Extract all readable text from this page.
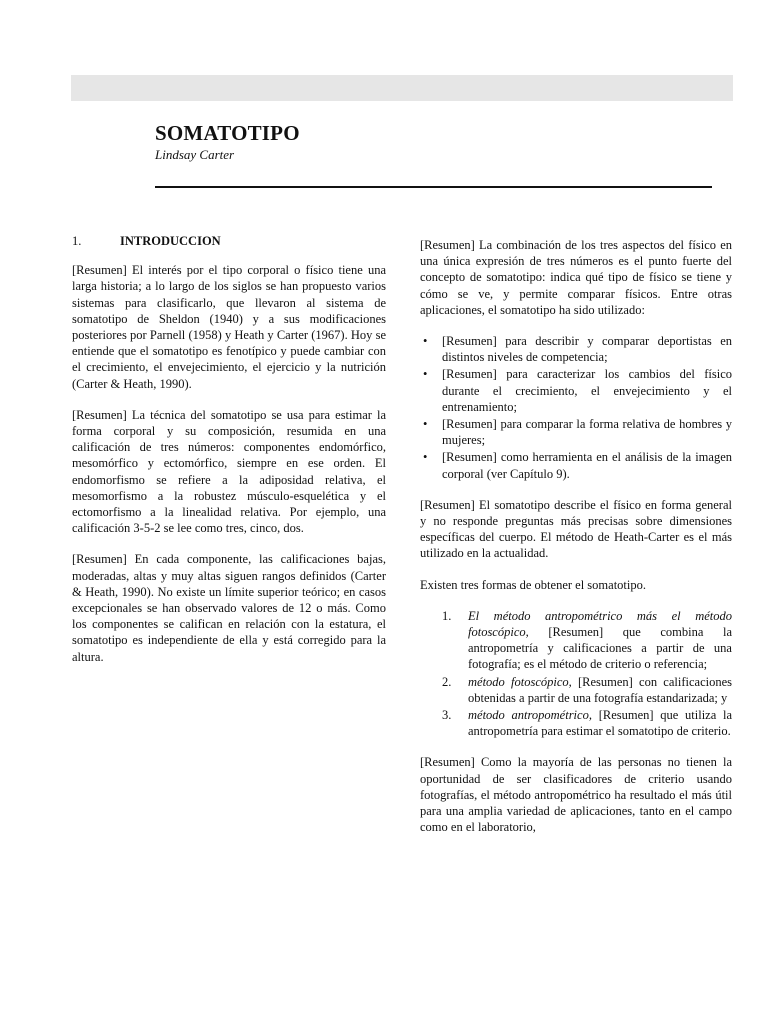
SOMATOTIPO
Lindsay Carter
1.	INTRODUCCION

[Resumen] El interés por el tipo corporal o físico tiene una larga historia; a lo largo de los siglos se han propuesto varios sistemas para clasificarlo, que llevaron al sistema de somatotipo de Sheldon (1940) y a sus modificaciones posteriores por Parnell (1958) y Heath y Carter (1967). Hoy se entiende que el somatotipo es fenotípico y puede cambiar con el crecimiento, el envejecimiento, el ejercicio y la nutrición (Carter & Heath, 1990).

[Resumen] La técnica del somatotipo se usa para estimar la forma corporal y su composición, resumida en una calificación de tres números: componentes endomórfico, mesomórfico y ectomórfico, siempre en ese orden. El endomorfismo se refiere a la adiposidad relativa, el mesomorfismo a la robustez músculo-esquelética y el ectomorfismo a la linealidad relativa. Por ejemplo, una calificación 3-5-2 se lee como tres, cinco, dos.

[Resumen] En cada componente, las calificaciones bajas, moderadas, altas y muy altas siguen rangos definidos (Carter & Heath, 1990). No existe un límite superior teórico; en casos excepcionales se han observado valores de 12 o más. Como los componentes se califican en relación con la estatura, el somatotipo es independiente de ella y está corregido para la altura.

[Resumen] La combinación de los tres aspectos del físico en una única expresión de tres números es el punto fuerte del concepto de somatotipo: indica qué tipo de físico se tiene y cómo se ve, y permite comparar físicos. Entre otras aplicaciones, el somatotipo ha sido utilizado:

• [Resumen] para describir y comparar deportistas en distintos niveles de competencia;
• [Resumen] para caracterizar los cambios del físico durante el crecimiento, el envejecimiento y el entrenamiento;
• [Resumen] para comparar la forma relativa de hombres y mujeres;
• [Resumen] como herramienta en el análisis de la imagen corporal (ver Capítulo 9).

[Resumen] El somatotipo describe el físico en forma general y no responde preguntas más precisas sobre dimensiones específicas del cuerpo. El método de Heath-Carter es el más utilizado en la actualidad.

Existen tres formas de obtener el somatotipo.

1. El método antropométrico más el método fotoscópico, [Resumen] que combina la antropometría y calificaciones a partir de una fotografía; es el método de criterio o referencia;
2. método fotoscópico, [Resumen] con calificaciones obtenidas a partir de una fotografía estandarizada; y
3. método antropométrico, [Resumen] que utiliza la antropometría para estimar el somatotipo de criterio.

[Resumen] Como la mayoría de las personas no tienen la oportunidad de ser clasificadores de criterio usando fotografías, el método antropométrico ha resultado el más útil para una amplia variedad de aplicaciones, tanto en el campo como en el laboratorio,
